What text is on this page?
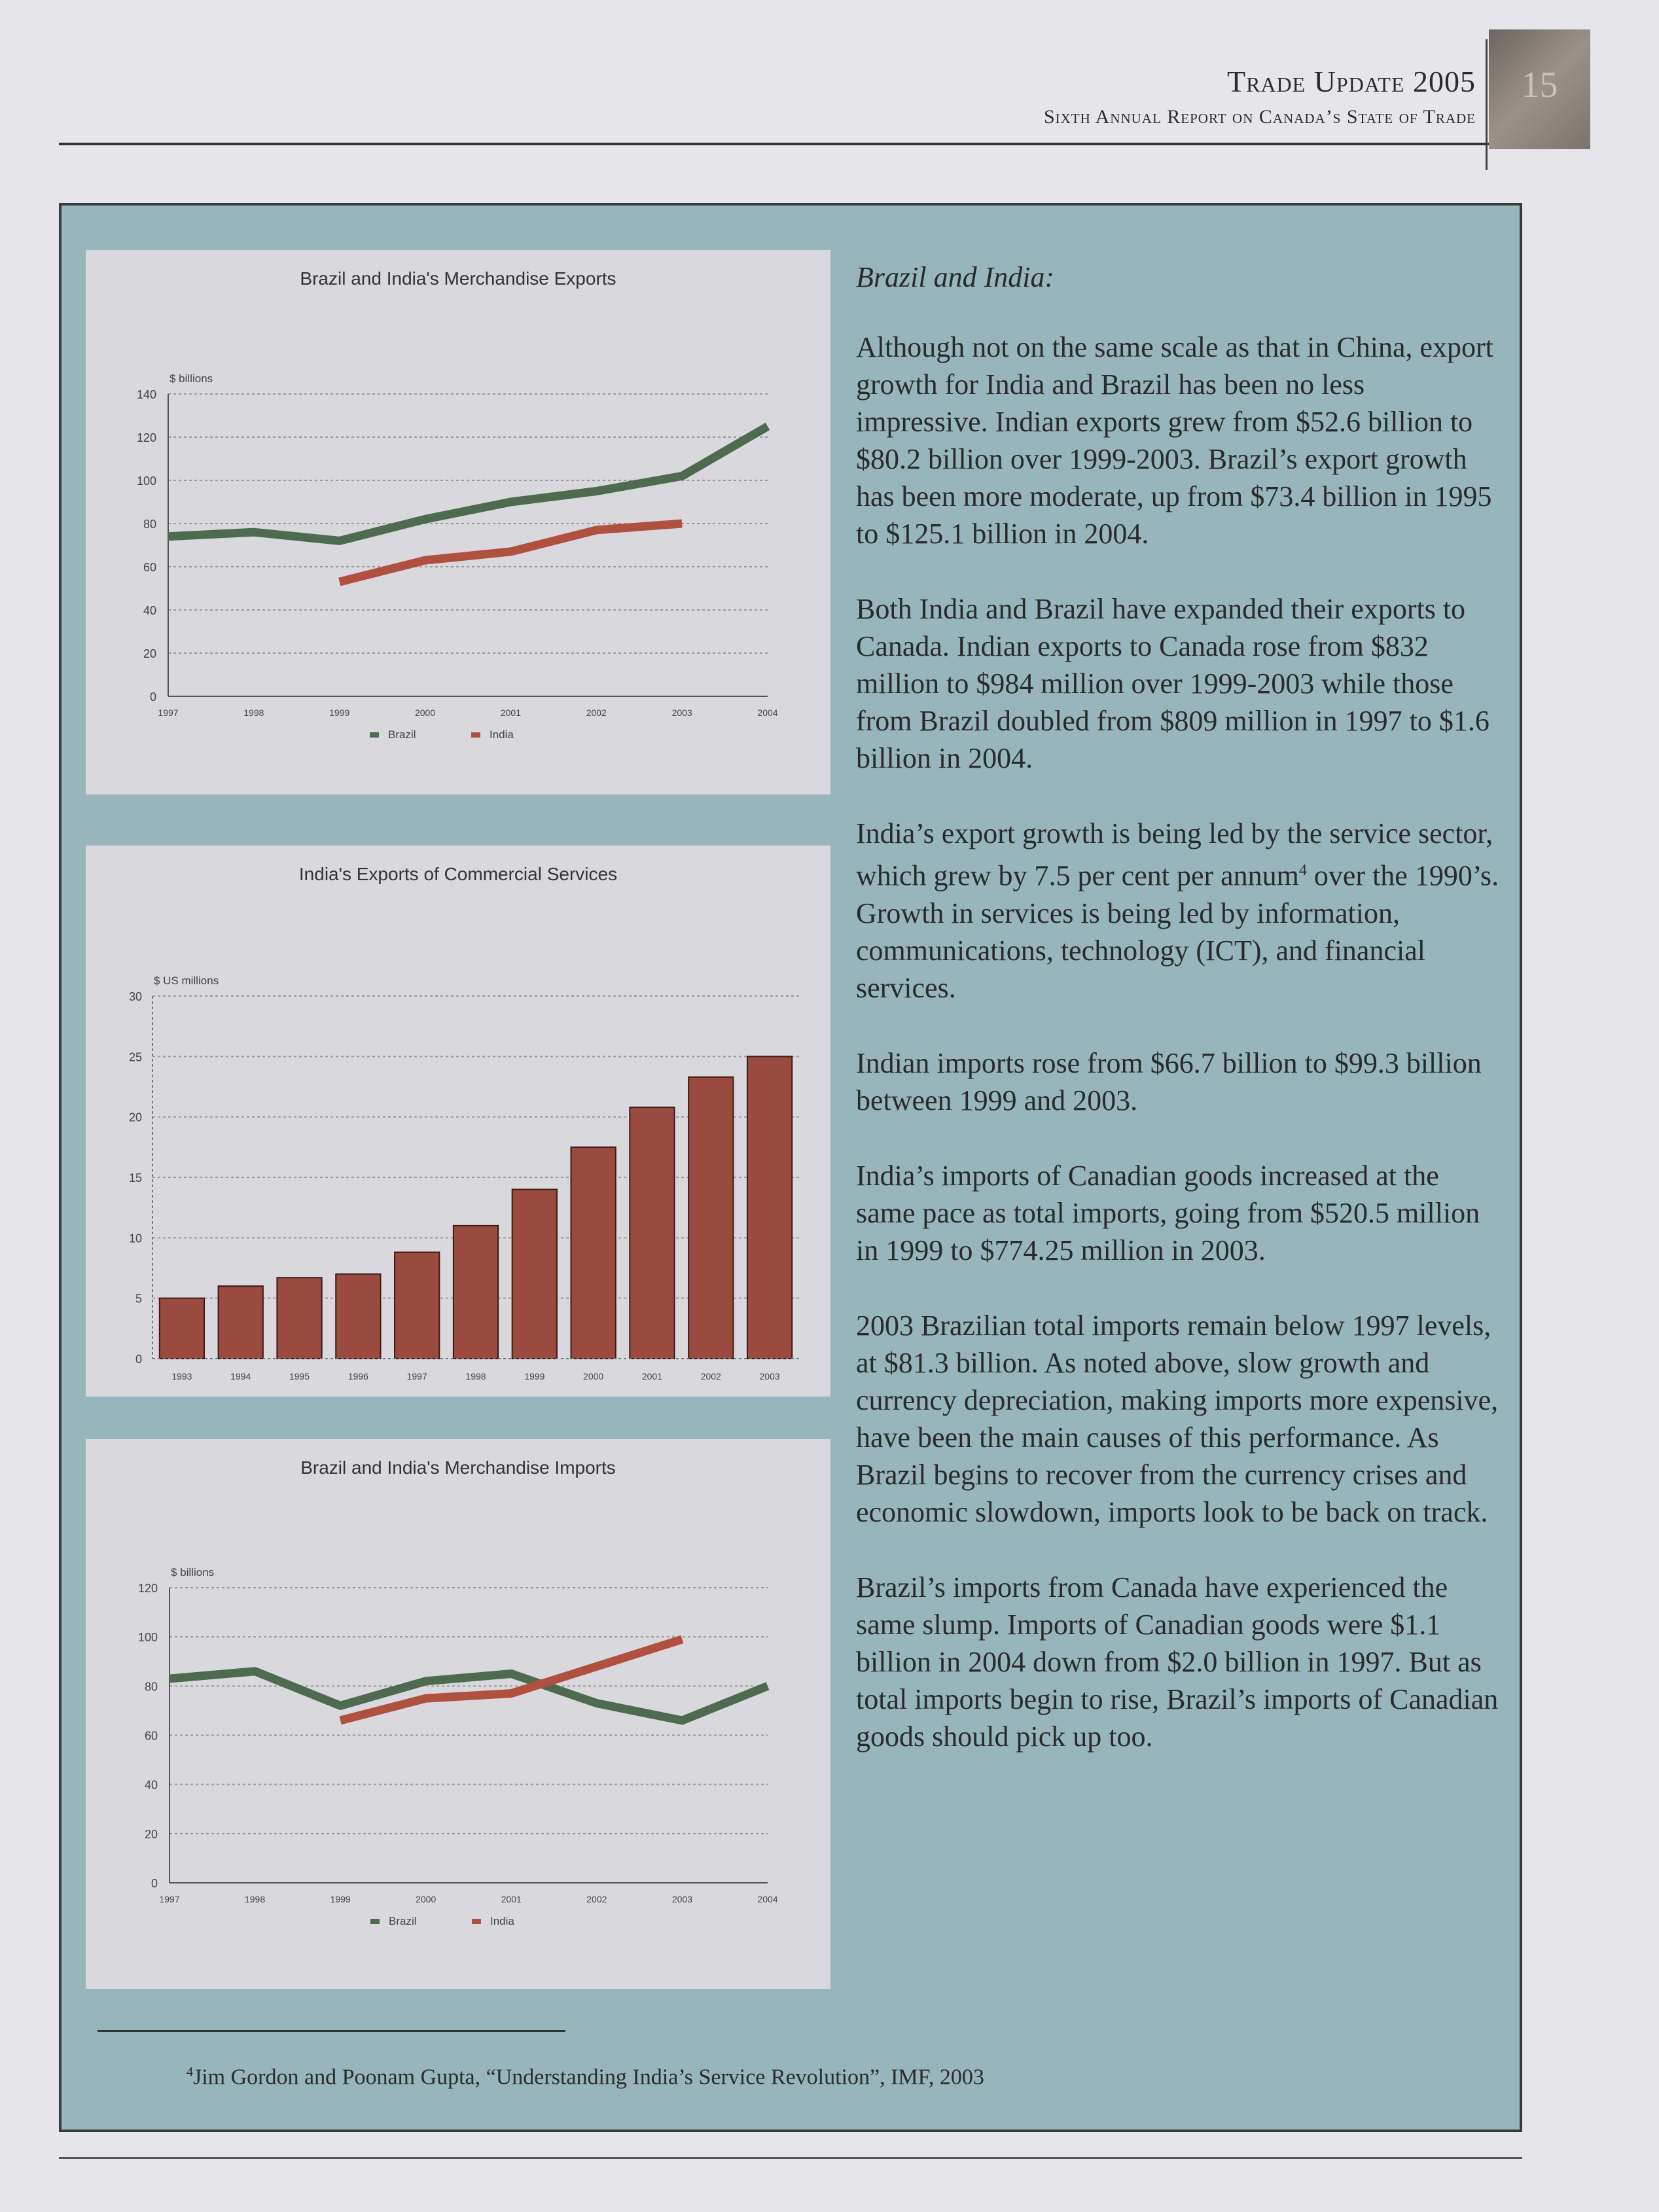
Trade Update 2005
Sixth Annual Report on Canada’s State of Trade
15
Brazil and India's Merchandise Exports
0
20
40
60
80
100
120
140
$ billions
1997	1998	1999	2000	2001	2002	2003	2004
Brazil	India
India's Exports of Commercial Services
0
5
10
15
20
25
30
$ US millions
1993	1994	1995	1996	1997	1998	1999	2000	2001	2002	2003
Brazil and India's Merchandise Imports
0
20
40
60
80
100
120
$ billions
1997	1998	1999	2000	2001	2002	2003	2004
Brazil	India

Brazil and India:

Although not on the same scale as that in China, export growth for India and Brazil has been no less impressive. Indian exports grew from $52.6 billion to $80.2 billion over 1999-2003. Brazil’s export growth has been more moderate, up from $73.4 billion in 1995 to $125.1 billion in 2004.

Both India and Brazil have expanded their exports to Canada. Indian exports to Canada rose from $832 million to $984 million over 1999-2003 while those from Brazil doubled from $809 million in 1997 to $1.6 billion in 2004.

India’s export growth is being led by the service sector, which grew by 7.5 per cent per annum$^4$ over the 1990’s. Growth in services is being led by information, communications, technology (ICT), and financial services.

Indian imports rose from $66.7 billion to $99.3 billion between 1999 and 2003.

India’s imports of Canadian goods increased at the same pace as total imports, going from $520.5 million in 1999 to $774.25 million in 2003.

2003 Brazilian total imports remain below 1997 levels, at $81.3 billion. As noted above, slow growth and currency depreciation, making imports more expensive, have been the main causes of this performance. As Brazil begins to recover from the currency crises and economic slowdown, imports look to be back on track.

Brazil’s imports from Canada have experienced the same slump. Imports of Canadian goods were $1.1 billion in 2004 down from $2.0 billion in 1997. But as total imports begin to rise, Brazil’s imports of Canadian goods should pick up too.

$^4$Jim Gordon and Poonam Gupta, “Understanding India’s Service Revolution”, IMF, 2003
